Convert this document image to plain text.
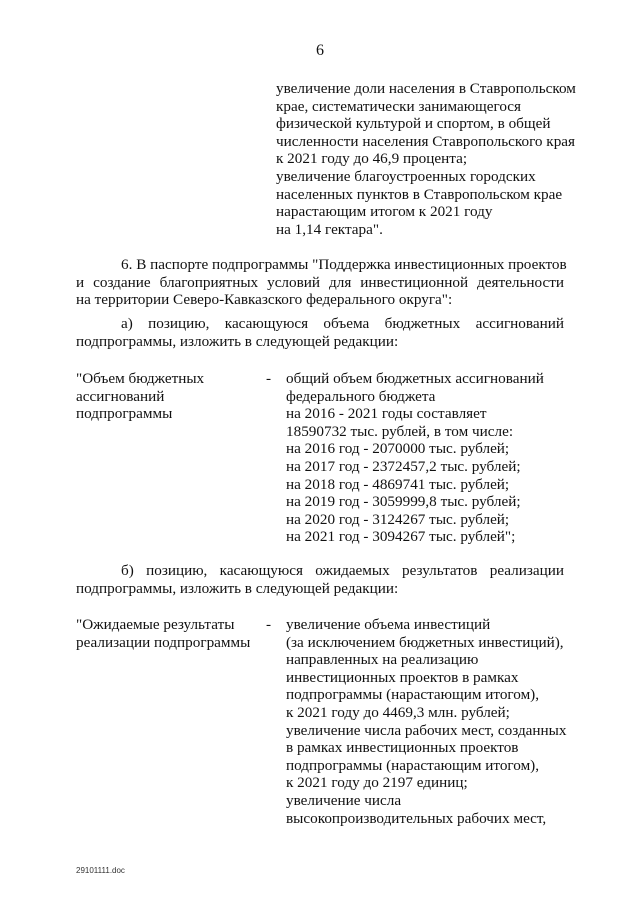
6
увеличение доли населения в Ставропольском
крае, систематически занимающегося
физической культурой и спортом, в общей
численности населения Ставропольского края
к 2021 году до 46,9 процента;
увеличение благоустроенных городских
населенных пунктов в Ставропольском крае
нарастающим итогом к 2021 году
на 1,14 гектара".
6. В паспорте подпрограммы "Поддержка инвестиционных проектов
и создание благоприятных условий для инвестиционной деятельности
на территории Северо-Кавказского федерального округа":
а) позицию, касающуюся объема бюджетных ассигнований
подпрограммы, изложить в следующей редакции:
"Объем бюджетных
ассигнований
подпрограммы
- общий объем бюджетных ассигнований
федерального бюджета
на 2016 - 2021 годы составляет
18590732 тыс. рублей, в том числе:
на 2016 год - 2070000 тыс. рублей;
на 2017 год - 2372457,2 тыс. рублей;
на 2018 год - 4869741 тыс. рублей;
на 2019 год - 3059999,8 тыс. рублей;
на 2020 год - 3124267 тыс. рублей;
на 2021 год - 3094267 тыс. рублей";
б) позицию, касающуюся ожидаемых результатов реализации
подпрограммы, изложить в следующей редакции:
"Ожидаемые результаты
реализации подпрограммы
- увеличение объема инвестиций
(за исключением бюджетных инвестиций),
направленных на реализацию
инвестиционных проектов в рамках
подпрограммы (нарастающим итогом),
к 2021 году до 4469,3 млн. рублей;
увеличение числа рабочих мест, созданных
в рамках инвестиционных проектов
подпрограммы (нарастающим итогом),
к 2021 году до 2197 единиц;
увеличение числа
высокопроизводительных рабочих мест,
29101111.doc
